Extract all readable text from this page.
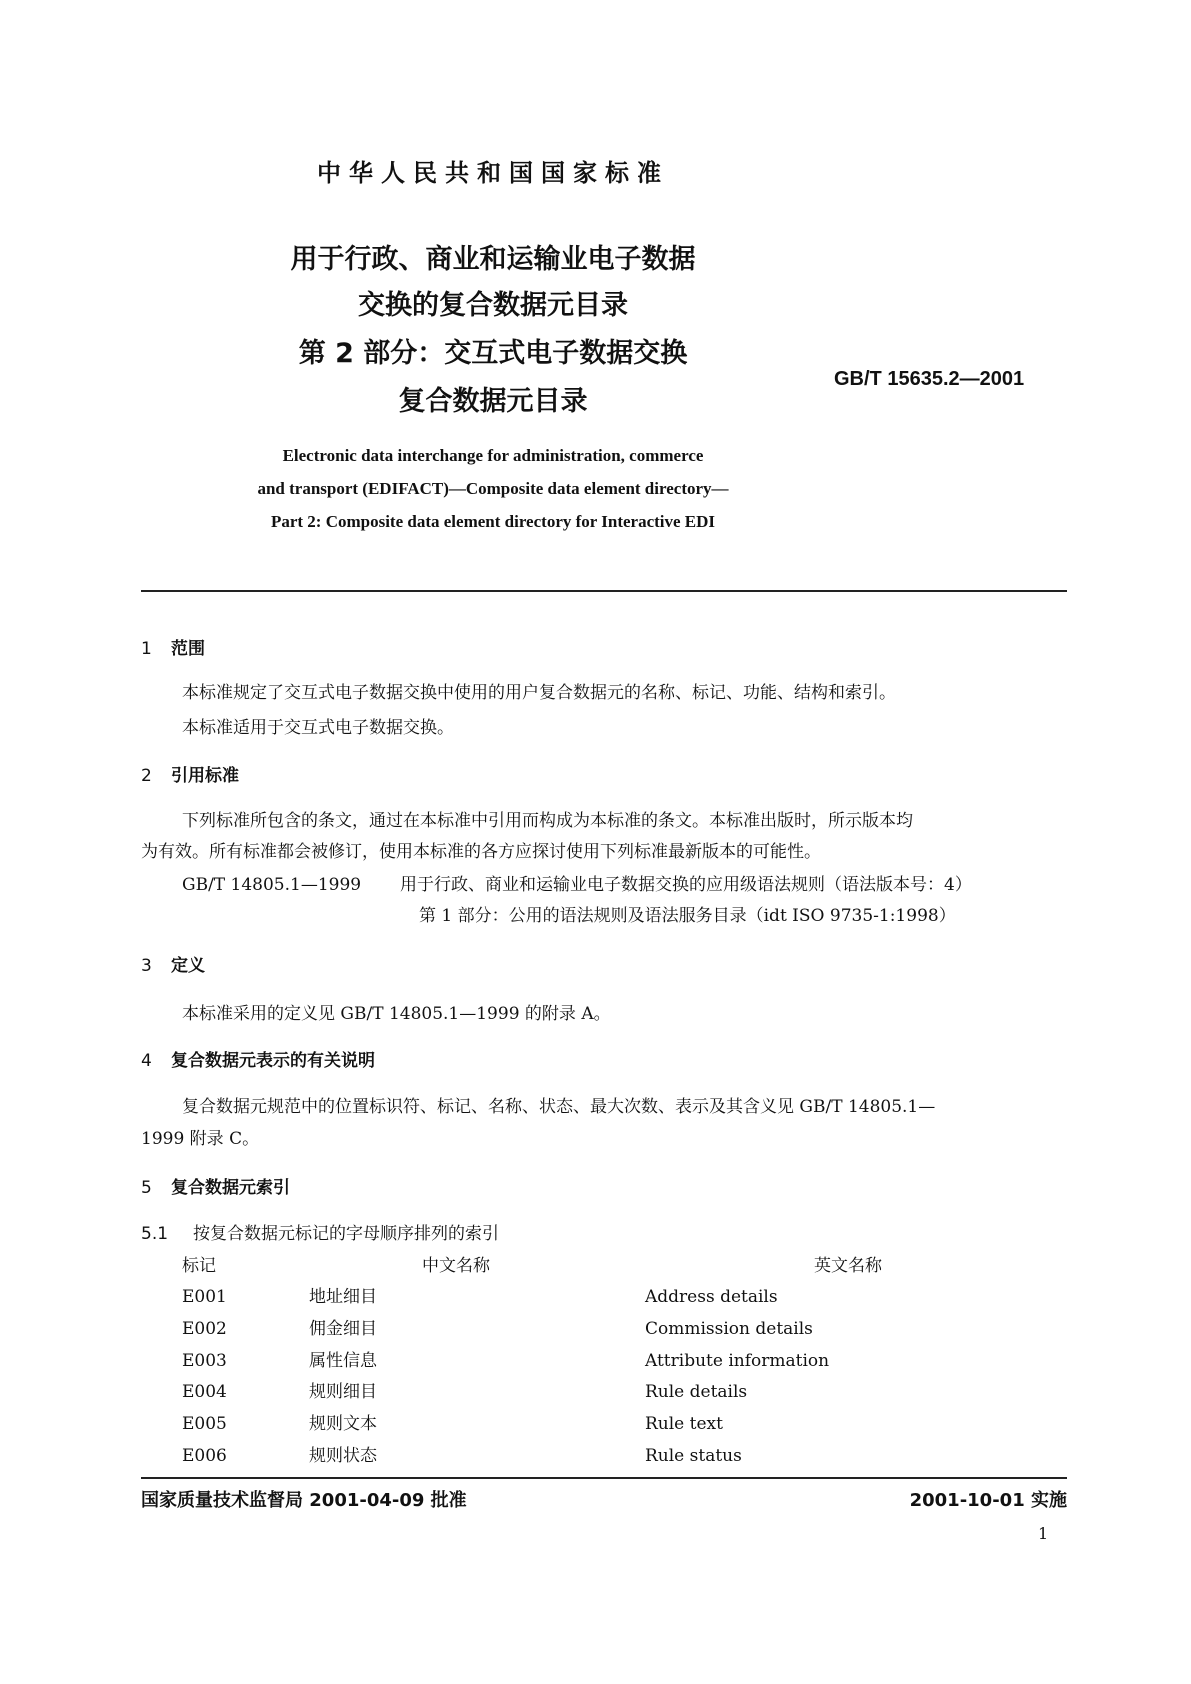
中华人民共和国国家标准
用于行政、商业和运输业电子数据
交换的复合数据元目录
第 2 部分：交互式电子数据交换
复合数据元目录
GB/T 15635.2—2001
Electronic data interchange for administration, commerce
and transport (EDIFACT)—Composite data element directory—
Part 2: Composite data element directory for Interactive EDI
1 范围
本标准规定了交互式电子数据交换中使用的用户复合数据元的名称、标记、功能、结构和索引。
本标准适用于交互式电子数据交换。
2 引用标准
下列标准所包含的条文，通过在本标准中引用而构成为本标准的条文。本标准出版时，所示版本均
为有效。所有标准都会被修订，使用本标准的各方应探讨使用下列标准最新版本的可能性。
GB/T 14805.1—1999 用于行政、商业和运输业电子数据交换的应用级语法规则（语法版本号：4）
第 1 部分：公用的语法规则及语法服务目录（idt ISO 9735-1:1998）
3 定义
本标准采用的定义见 GB/T 14805.1—1999 的附录 A。
4 复合数据元表示的有关说明
复合数据元规范中的位置标识符、标记、名称、状态、最大次数、表示及其含义见 GB/T 14805.1—
1999 附录 C。
5 复合数据元索引
5.1 按复合数据元标记的字母顺序排列的索引
标记	中文名称	英文名称
E001	地址细目	Address details
E002	佣金细目	Commission details
E003	属性信息	Attribute information
E004	规则细目	Rule details
E005	规则文本	Rule text
E006	规则状态	Rule status
国家质量技术监督局 2001-04-09 批准	2001-10-01 实施
1
